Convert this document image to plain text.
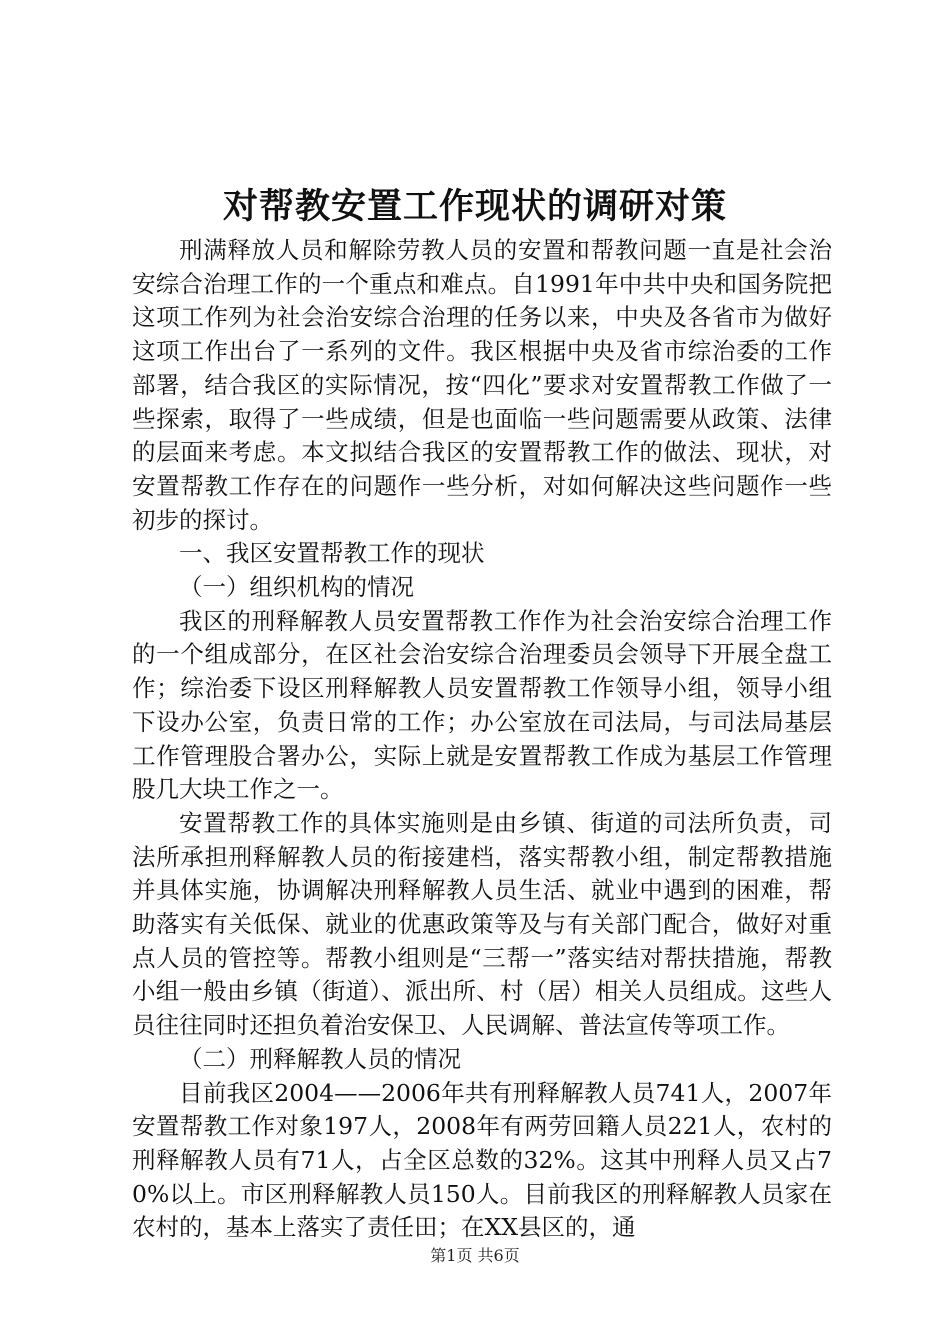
对帮教安置工作现状的调研对策

刑满释放人员和解除劳教人员的安置和帮教问题一直是社会治安综合治理工作的一个重点和难点。自1991年中共中央和国务院把这项工作列为社会治安综合治理的任务以来，中央及各省市为做好这项工作出台了一系列的文件。我区根据中央及省市综治委的工作部署，结合我区的实际情况，按“四化”要求对安置帮教工作做了一些探索，取得了一些成绩，但是也面临一些问题需要从政策、法律的层面来考虑。本文拟结合我区的安置帮教工作的做法、现状，对安置帮教工作存在的问题作一些分析，对如何解决这些问题作一些初步的探讨。

一、我区安置帮教工作的现状

（一）组织机构的情况

我区的刑释解教人员安置帮教工作作为社会治安综合治理工作的一个组成部分，在区社会治安综合治理委员会领导下开展全盘工作；综治委下设区刑释解教人员安置帮教工作领导小组，领导小组下设办公室，负责日常的工作；办公室放在司法局，与司法局基层工作管理股合署办公，实际上就是安置帮教工作成为基层工作管理股几大块工作之一。

安置帮教工作的具体实施则是由乡镇、街道的司法所负责，司法所承担刑释解教人员的衔接建档，落实帮教小组，制定帮教措施并具体实施，协调解决刑释解教人员生活、就业中遇到的困难，帮助落实有关低保、就业的优惠政策等及与有关部门配合，做好对重点人员的管控等。帮教小组则是“三帮一”落实结对帮扶措施，帮教小组一般由乡镇（街道）、派出所、村（居）相关人员组成。这些人员往往同时还担负着治安保卫、人民调解、普法宣传等项工作。

（二）刑释解教人员的情况

目前我区2004——2006年共有刑释解教人员741人，2007年安置帮教工作对象197人，2008年有两劳回籍人员221人，农村的刑释解教人员有71人，占全区总数的32%。这其中刑释人员又占70%以上。市区刑释解教人员150人。目前我区的刑释解教人员家在农村的，基本上落实了责任田；在XX县区的，通

第1页 共6页
